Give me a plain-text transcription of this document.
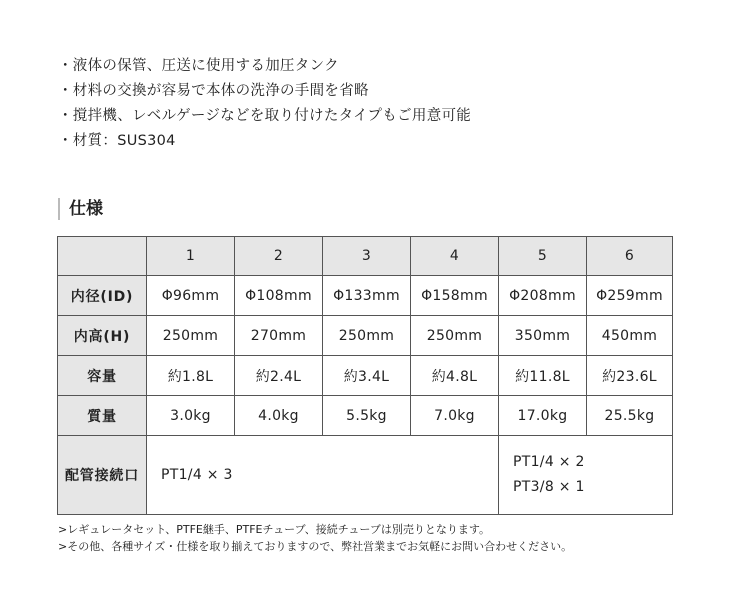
・液体の保管、圧送に使用する加圧タンク
・材料の交換が容易で本体の洗浄の手間を省略
・撹拌機、レベルゲージなどを取り付けたタイプもご用意可能
・材質：SUS304
仕様
	1	2	3	4	5	6
内径(ID)	Φ96mm	Φ108mm	Φ133mm	Φ158mm	Φ208mm	Φ259mm
内高(H)	250mm	270mm	250mm	250mm	350mm	450mm
容量	約1.8L	約2.4L	約3.4L	約4.8L	約11.8L	約23.6L
質量	3.0kg	4.0kg	5.5kg	7.0kg	17.0kg	25.5kg
配管接続口	PT1/4 × 3				PT1/4 × 2
PT3/8 × 1	
>レギュレータセット、PTFE継手、PTFEチューブ、接続チューブは別売りとなります。
>その他、各種サイズ・仕様を取り揃えておりますので、弊社営業までお気軽にお問い合わせください。
